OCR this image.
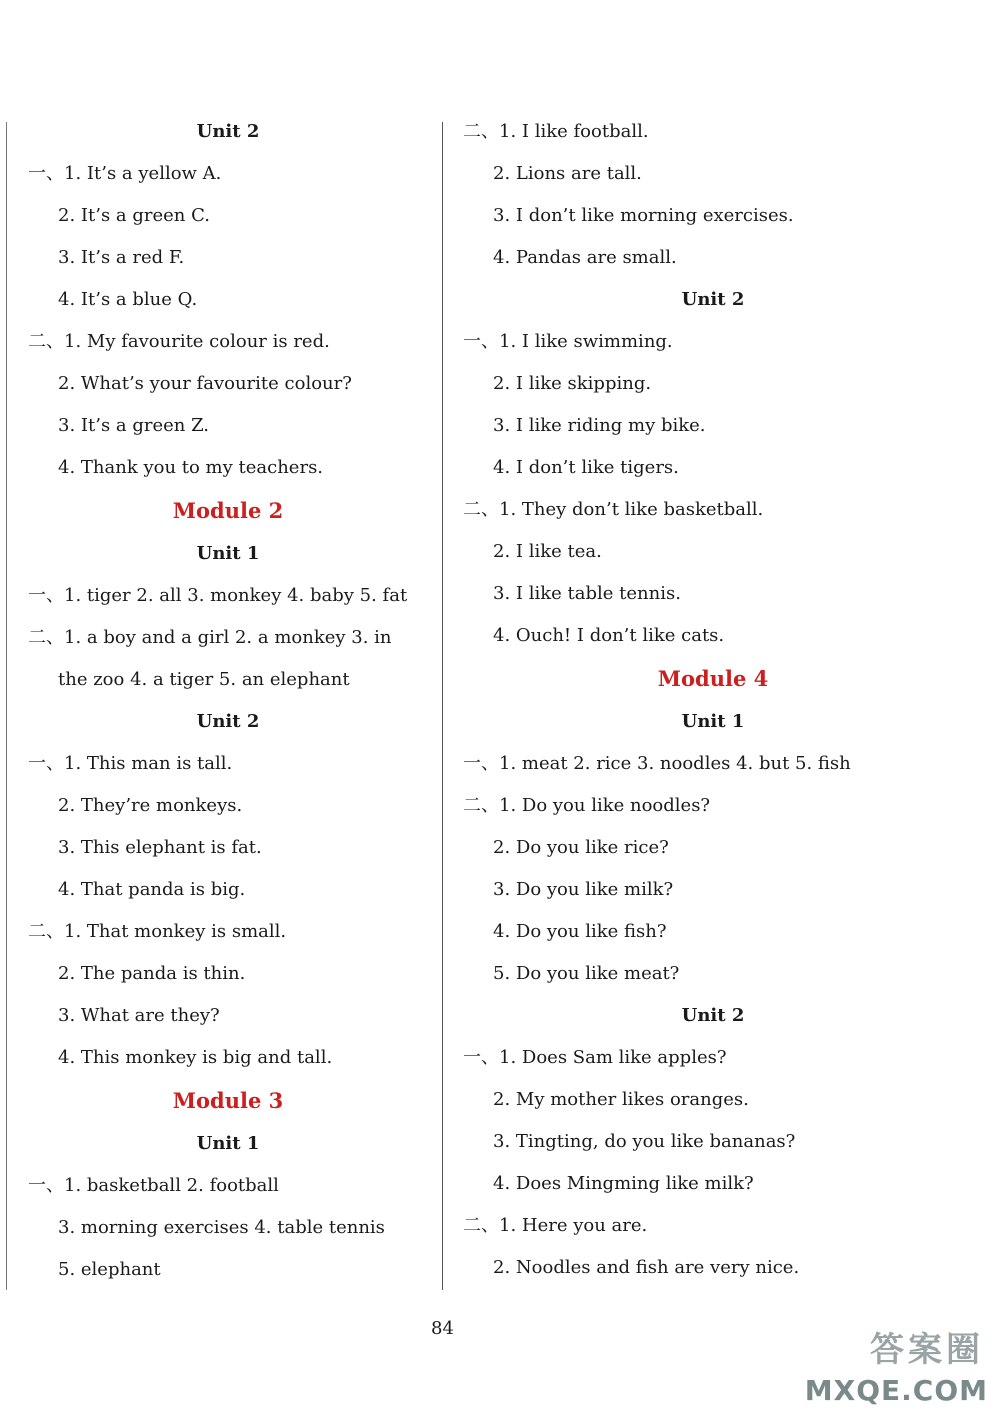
Unit 2
一、1. It’s a yellow A.
2. It’s a green C.
3. It’s a red F.
4. It’s a blue Q.
二、1. My favourite colour is red.
2. What’s your favourite colour?
3. It’s a green Z.
4. Thank you to my teachers.
Module 2
Unit 1
一、1. tiger 2. all 3. monkey 4. baby 5. fat
二、1. a boy and a girl 2. a monkey 3. in
the zoo 4. a tiger 5. an elephant
Unit 2
一、1. This man is tall.
2. They’re monkeys.
3. This elephant is fat.
4. That panda is big.
二、1. That monkey is small.
2. The panda is thin.
3. What are they?
4. This monkey is big and tall.
Module 3
Unit 1
一、1. basketball 2. football
3. morning exercises 4. table tennis
5. elephant
二、1. I like football.
2. Lions are tall.
3. I don’t like morning exercises.
4. Pandas are small.
Unit 2
一、1. I like swimming.
2. I like skipping.
3. I like riding my bike.
4. I don’t like tigers.
二、1. They don’t like basketball.
2. I like tea.
3. I like table tennis.
4. Ouch! I don’t like cats.
Module 4
Unit 1
一、1. meat 2. rice 3. noodles 4. but 5. fish
二、1. Do you like noodles?
2. Do you like rice?
3. Do you like milk?
4. Do you like fish?
5. Do you like meat?
Unit 2
一、1. Does Sam like apples?
2. My mother likes oranges.
3. Tingting, do you like bananas?
4. Does Mingming like milk?
二、1. Here you are.
2. Noodles and fish are very nice.
84
答案圈
MXQE.COM
